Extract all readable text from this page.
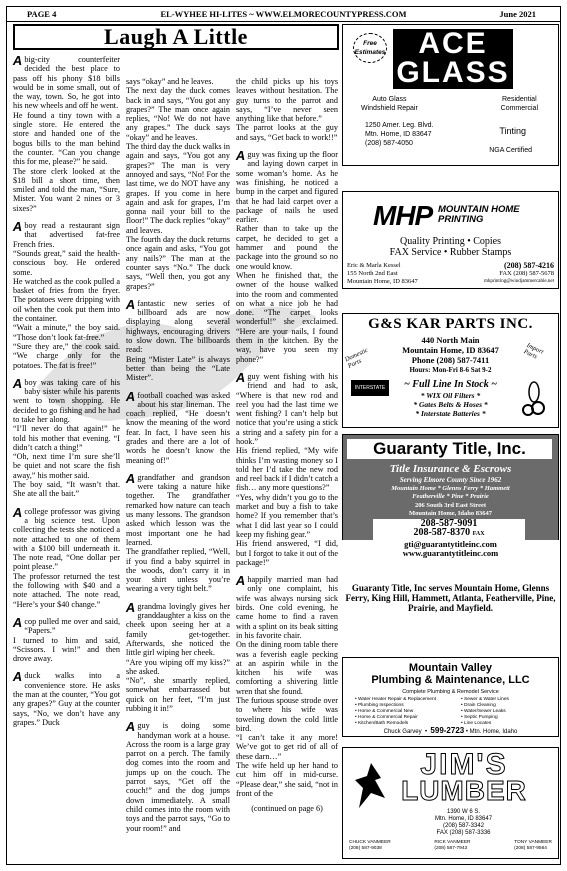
PAGE 4	EL-WYHEE HI-LITES ~ WWW.ELMORECOUNTYPRESS.COM	June 2021
Laugh A Little

A big-city counterfeiter decided the best place to pass off his phony $18 bills would be in some small, out of the way, town. So, he got into his new wheels and off he went.

He found a tiny town with a single store. He entered the store and handed one of the bogus bills to the man behind the counter. “Can you change this for me, please?” he said.

The store clerk looked at the $18 bill a short time, then smiled and told the man, “Sure, Mister. You want 2 nines or 3 sixes?”

A boy read a restaurant sign that advertised fat-free French fries.

“Sounds great,” said the health-conscious boy. He ordered some.

He watched as the cook pulled a basket of fries from the fryer. The potatoes were dripping with oil when the cook put them into the container.

“Wait a minute,” the boy said. “Those don’t look fat-free.”

“Sure they are,” the cook said. “We charge only for the potatoes. The fat is free!”

A boy was taking care of his baby sister while his parents went to town shopping. He decided to go fishing and he had to take her along.

“I’ll never do that again!” he told his mother that evening. “I didn’t catch a thing!”

“Oh, next time I’m sure she’ll be quiet and not scare the fish away,” his mother said.

The boy said, “It wasn’t that. She ate all the bait.”

A college professor was giving a big science test. Upon collecting the tests she noticed a note attached to one of them with a $100 bill underneath it. The note read, “One dollar per point please.”

The professor returned the test the following with $40 and a note attached. The note read, “Here’s your $40 change.”

A cop pulled me over and said, “Papers.”

I turned to him and said, “Scissors. I win!” and then drove away.

A duck walks into a convenience store. He asks the man at the counter, “You got any grapes?” Guy at the counter says, “No, we don’t have any grapes.” Duck

says “okay” and he leaves.

The next day the duck comes back in and says, “You got any grapes?” The man once again replies, “No! We do not have any grapes.” The duck says “okay” and he leaves.

The third day the duck walks in again and says, “You got any grapes?” The man is very annoyed and says, “No! For the last time, we do NOT have any grapes. If you come in here again and ask for grapes, I’m gonna nail your bill to the floor!” The duck replies “okay” and leaves.

The fourth day the duck returns once again and asks, “You got any nails?” The man at the counter says “No.” The duck says, “Well then, you got any grapes?”

A fantastic new series of billboard ads are now displaying along several highways, encouraging drivers to slow down. The billboards read:

Being “Mister Late” is always better than being the “Late Mister”.

A football coached was asked about his star lineman. The coach replied, “He doesn’t know the meaning of the word fear. In fact, I have seen his grades and there are a lot of words he doesn’t know the meaning of!”

A grandfather and grandson were taking a nature hike together. The grandfather remarked how nature can teach us many lessons. The grandson asked which lesson was the most important one he had learned.

The grandfather replied, “Well, if you find a baby squirrel in the woods, don’t carry it in your shirt unless you’re wearing a very tight belt.”

A grandma lovingly gives her granddaughter a kiss on the cheek upon seeing her at a family get-together. Afterwards, she noticed the little girl wiping her cheek.

“Are you wiping off my kiss?” she asked.

“No”, she smartly replied, somewhat embarrassed but quick on her feet, “I’m just rubbing it in!”

A guy is doing some handyman work at a house. Across the room is a large gray parrot on a perch. The family dog comes into the room and jumps up on the couch. The parrot says, “Get off the couch!” and the dog jumps down immediately. A small child comes into the room with toys and the parrot says, “Go to your room!” and

the child picks up his toys leaves without hesitation. The guy turns to the parrot and says, “I’ve never seen anything like that before.”

The parrot looks at the guy and says, “Get back to work!!”

A guy was fixing up the floor and laying down carpet in some woman’s home. As he was finishing, he noticed a bump in the carpet and figured that he had laid carpet over a package of nails he used earlier.

Rather than to take up the carpet, he decided to get a hammer and pound the package into the ground so no one would know.

When he finished that, the owner of the house walked into the room and commented on what a nice job he had done. “The carpet looks wonderful!” she exclaimed. “Here are your nails, I found them in the kitchen. By the way, have you seen my phone?”

A guy went fishing with his friend and had to ask, “Where is that new rod and reel you had the last time we went fishing? I can’t help but notice that you’re using a stick a string and a safety pin for a hook.”

His friend replied, “My wife thinks I’m wasting money so I told her I’d take the new rod and reel back if I didn’t catch a fish… any more questions?”

“Yes, why didn’t you go to the market and buy a fish to take home? If you remember that’s what I did last year so I could keep my fishing gear.”

His friend answered, “I did, but I forgot to take it out of the package!”

A happily married man had only one complaint, his wife was always nursing sick birds. One cold evening, he came home to find a raven with a splint on its beak sitting in his favorite chair.

On the dining room table there was a feverish eagle pecking at an aspirin while in the kitchen his wife was comforting a shivering little wren that she found.

The furious spouse strode over to where his wife was toweling down the cold little bird.

“I can’t take it any more! We’ve got to get rid of all of these darn…”

The wife held up her hand to cut him off in mid-curse. “Please dear,” she said, “not in front of the

(continued on page 6)
Free
Estimates	ACE
GLASS
Auto Glass
Windshield Repair
Residential
Commercial
1250 Amer. Leg. Blvd.
Mtn. Home, ID 83647
(208) 587-4050
Tinting
NGA Certified
MHP MOUNTAIN HOME
PRINTING
Quality Printing • Copies
FAX Service • Rubber Stamps
Eric & Marla Kessel
155 North 2nd East
Mountain Home, ID 83647
(208) 587-4216
FAX (208) 587-5678
mhprinting@windjammercable.net
G&S KAR PARTS INC.
440 North Main
Mountain Home, ID 83647
Phone (208) 587-7411
Hours: Mon-Fri 8-6 Sat 9-2
Domestic Parts
Import Parts
INTERSTATE	~ Full Line In Stock ~
* WIX Oil Filters *
* Gates Belts & Hoses *
* Interstate Batteries *
Guaranty Title, Inc.
Title Insurance & Escrows
Serving Elmore County Since 1962
Mountain Home * Glenns Ferry * Hammett
Featherville * Pine * Prairie
206 South 3rd East Street
Mountain Home, Idaho 83647
208-587-9091
208-587-8370 FAX
gti@guarantytitleinc.com
www.guarantytitleinc.com
Guaranty Title, Inc serves Mountain Home, Glenns Ferry, King Hill, Hammett, Atlanta, Featherville, Pine, Prairie, and Mayfield.
Mountain Valley
Plumbing & Maintenance, LLC
Complete Plumbing & Remodel Service
• Water Heater Repair & Replacement
• Plumbing Inspections
• Home & Commercial New
• Home & Commercial Repair
• Kitchen/Bath Remodels
• Sewer & Water Lines
• Drain Cleaning
• Water/Sewer Leaks
• Septic Pumping
• Line Locates
Chuck Garvey  •  599-2723 • Mtn. Home, Idaho
JIM'S
LUMBER
1390 W 6 S.
Mtn. Home, ID 83647
(208) 587-3342
FAX (208) 587-3336
CHUCK VANMEER
(208) 587-9038
RICK VANMEER
(208) 587-7943
TONY VANMEER
(208) 587-9564
